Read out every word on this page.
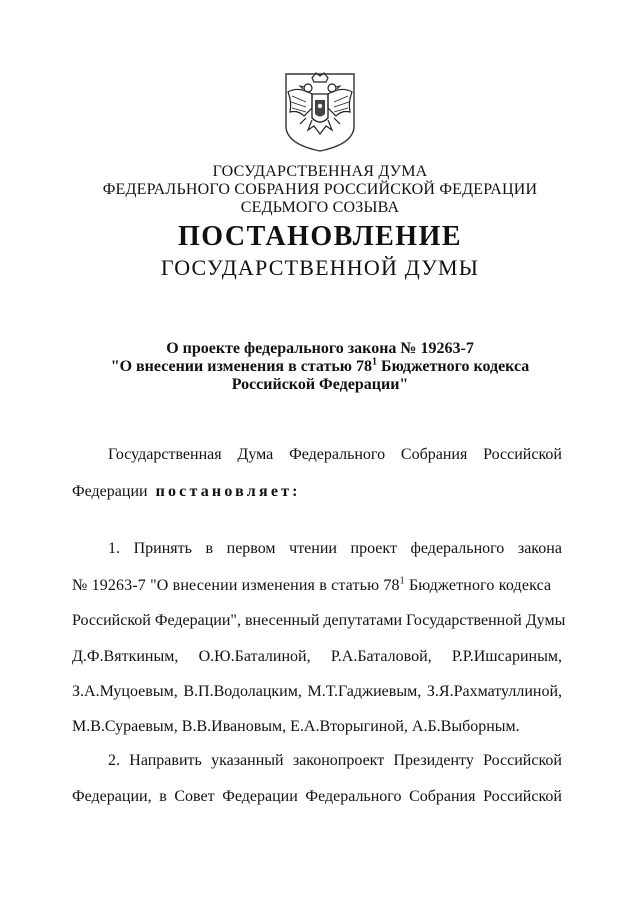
ГОСУДАРСТВЕННАЯ ДУМА
ФЕДЕРАЛЬНОГО СОБРАНИЯ РОССИЙСКОЙ ФЕДЕРАЦИИ
СЕДЬМОГО СОЗЫВА
ПОСТАНОВЛЕНИЕ
ГОСУДАРСТВЕННОЙ ДУМЫ
О проекте федерального закона № 19263-7
"О внесении изменения в статью $78^1$ Бюджетного кодекса
Российской Федерации"
Государственная Дума Федерального Собрания Российской
Федерации постановляет:
1. Принять в первом чтении проект федерального закона
№ 19263-7 "О внесении изменения в статью $78^1$ Бюджетного кодекса
Российской Федерации", внесенный депутатами Государственной Думы
Д.Ф.Вяткиным, О.Ю.Баталиной, Р.А.Баталовой, Р.Р.Ишсариным,
З.А.Муцоевым, В.П.Водолацким, М.Т.Гаджиевым, З.Я.Рахматуллиной,
М.В.Сураевым, В.В.Ивановым, Е.А.Вторыгиной, А.Б.Выборным.
2. Направить указанный законопроект Президенту Российской
Федерации, в Совет Федерации Федерального Собрания Российской
